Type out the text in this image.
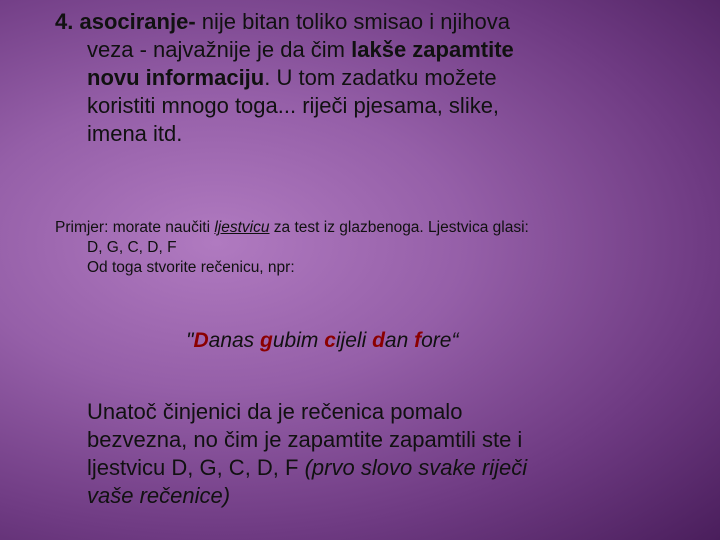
4. asociranje- nije bitan toliko smisao i njihova
veza - najvažnije je da čim lakše zapamtite
novu informaciju. U tom zadatku možete
koristiti mnogo toga... riječi pjesama, slike,
imena itd.

Primjer: morate naučiti ljestvicu za test iz glazbenoga. Ljestvica glasi:
D, G, C, D, F
Od toga stvorite rečenicu, npr:

"Danas gubim cijeli dan fore“

Unatoč činjenici da je rečenica pomalo
bezvezna, no čim je zapamtite zapamtili ste i
ljestvicu D, G, C, D, F (prvo slovo svake riječi
vaše rečenice)
